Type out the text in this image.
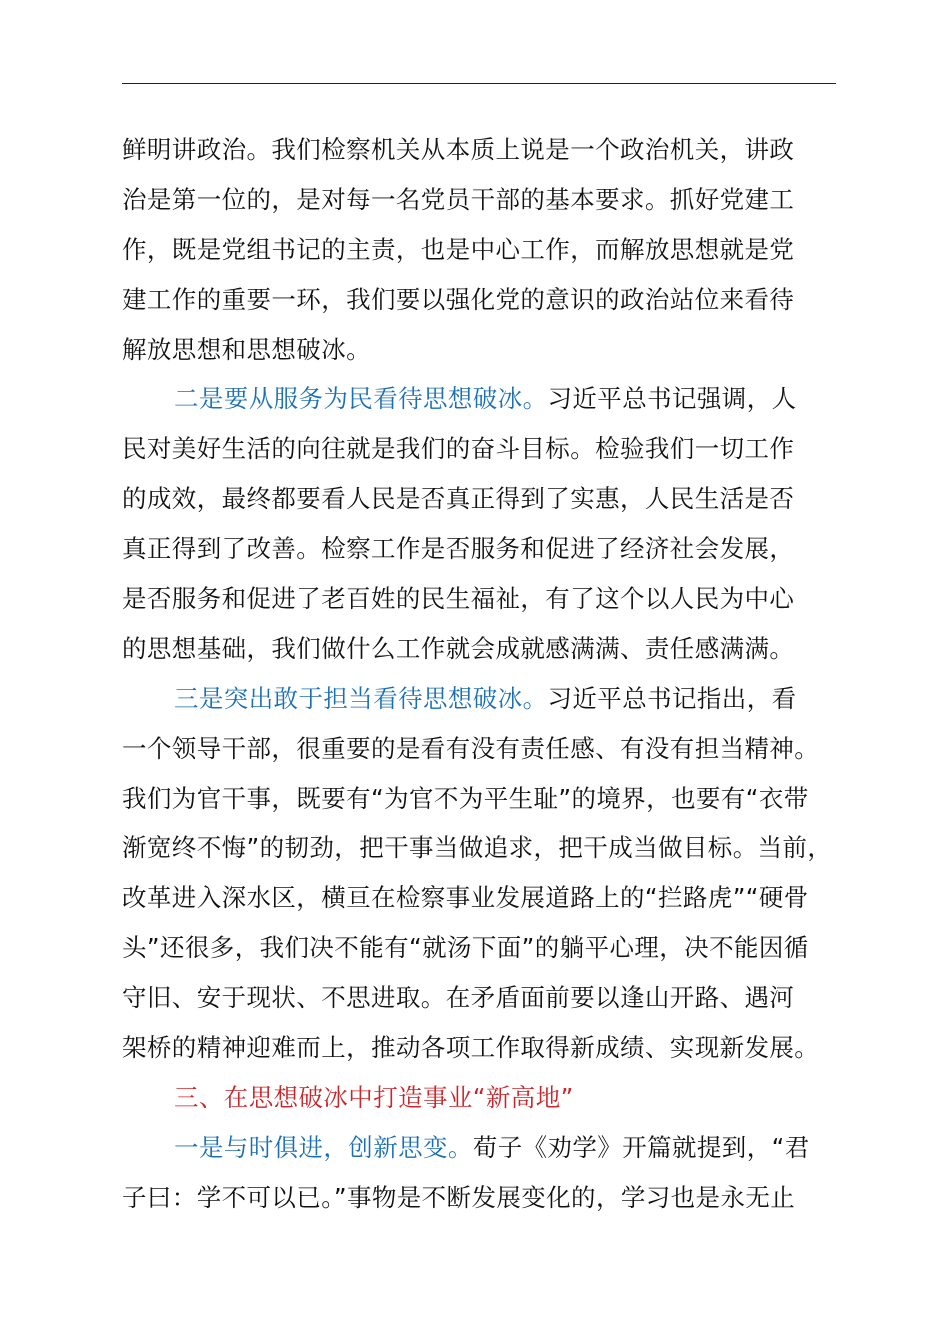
鲜明讲政治。我们检察机关从本质上说是一个政治机关，讲政
治是第一位的，是对每一名党员干部的基本要求。抓好党建工
作，既是党组书记的主责，也是中心工作，而解放思想就是党
建工作的重要一环，我们要以强化党的意识的政治站位来看待
解放思想和思想破冰。
二是要从服务为民看待思想破冰。习近平总书记强调，人
民对美好生活的向往就是我们的奋斗目标。检验我们一切工作
的成效，最终都要看人民是否真正得到了实惠，人民生活是否
真正得到了改善。检察工作是否服务和促进了经济社会发展，
是否服务和促进了老百姓的民生福祉，有了这个以人民为中心
的思想基础，我们做什么工作就会成就感满满、责任感满满。
三是突出敢于担当看待思想破冰。习近平总书记指出，看
一个领导干部，很重要的是看有没有责任感、有没有担当精神。
我们为官干事，既要有“为官不为平生耻”的境界，也要有“衣带
渐宽终不悔”的韧劲，把干事当做追求，把干成当做目标。当前，
改革进入深水区，横亘在检察事业发展道路上的“拦路虎”“硬骨
头”还很多，我们决不能有“就汤下面”的躺平心理，决不能因循
守旧、安于现状、不思进取。在矛盾面前要以逢山开路、遇河
架桥的精神迎难而上，推动各项工作取得新成绩、实现新发展。
三、在思想破冰中打造事业“新高地”
一是与时俱进，创新思变。荀子《劝学》开篇就提到，“君
子曰：学不可以已。”事物是不断发展变化的，学习也是永无止
